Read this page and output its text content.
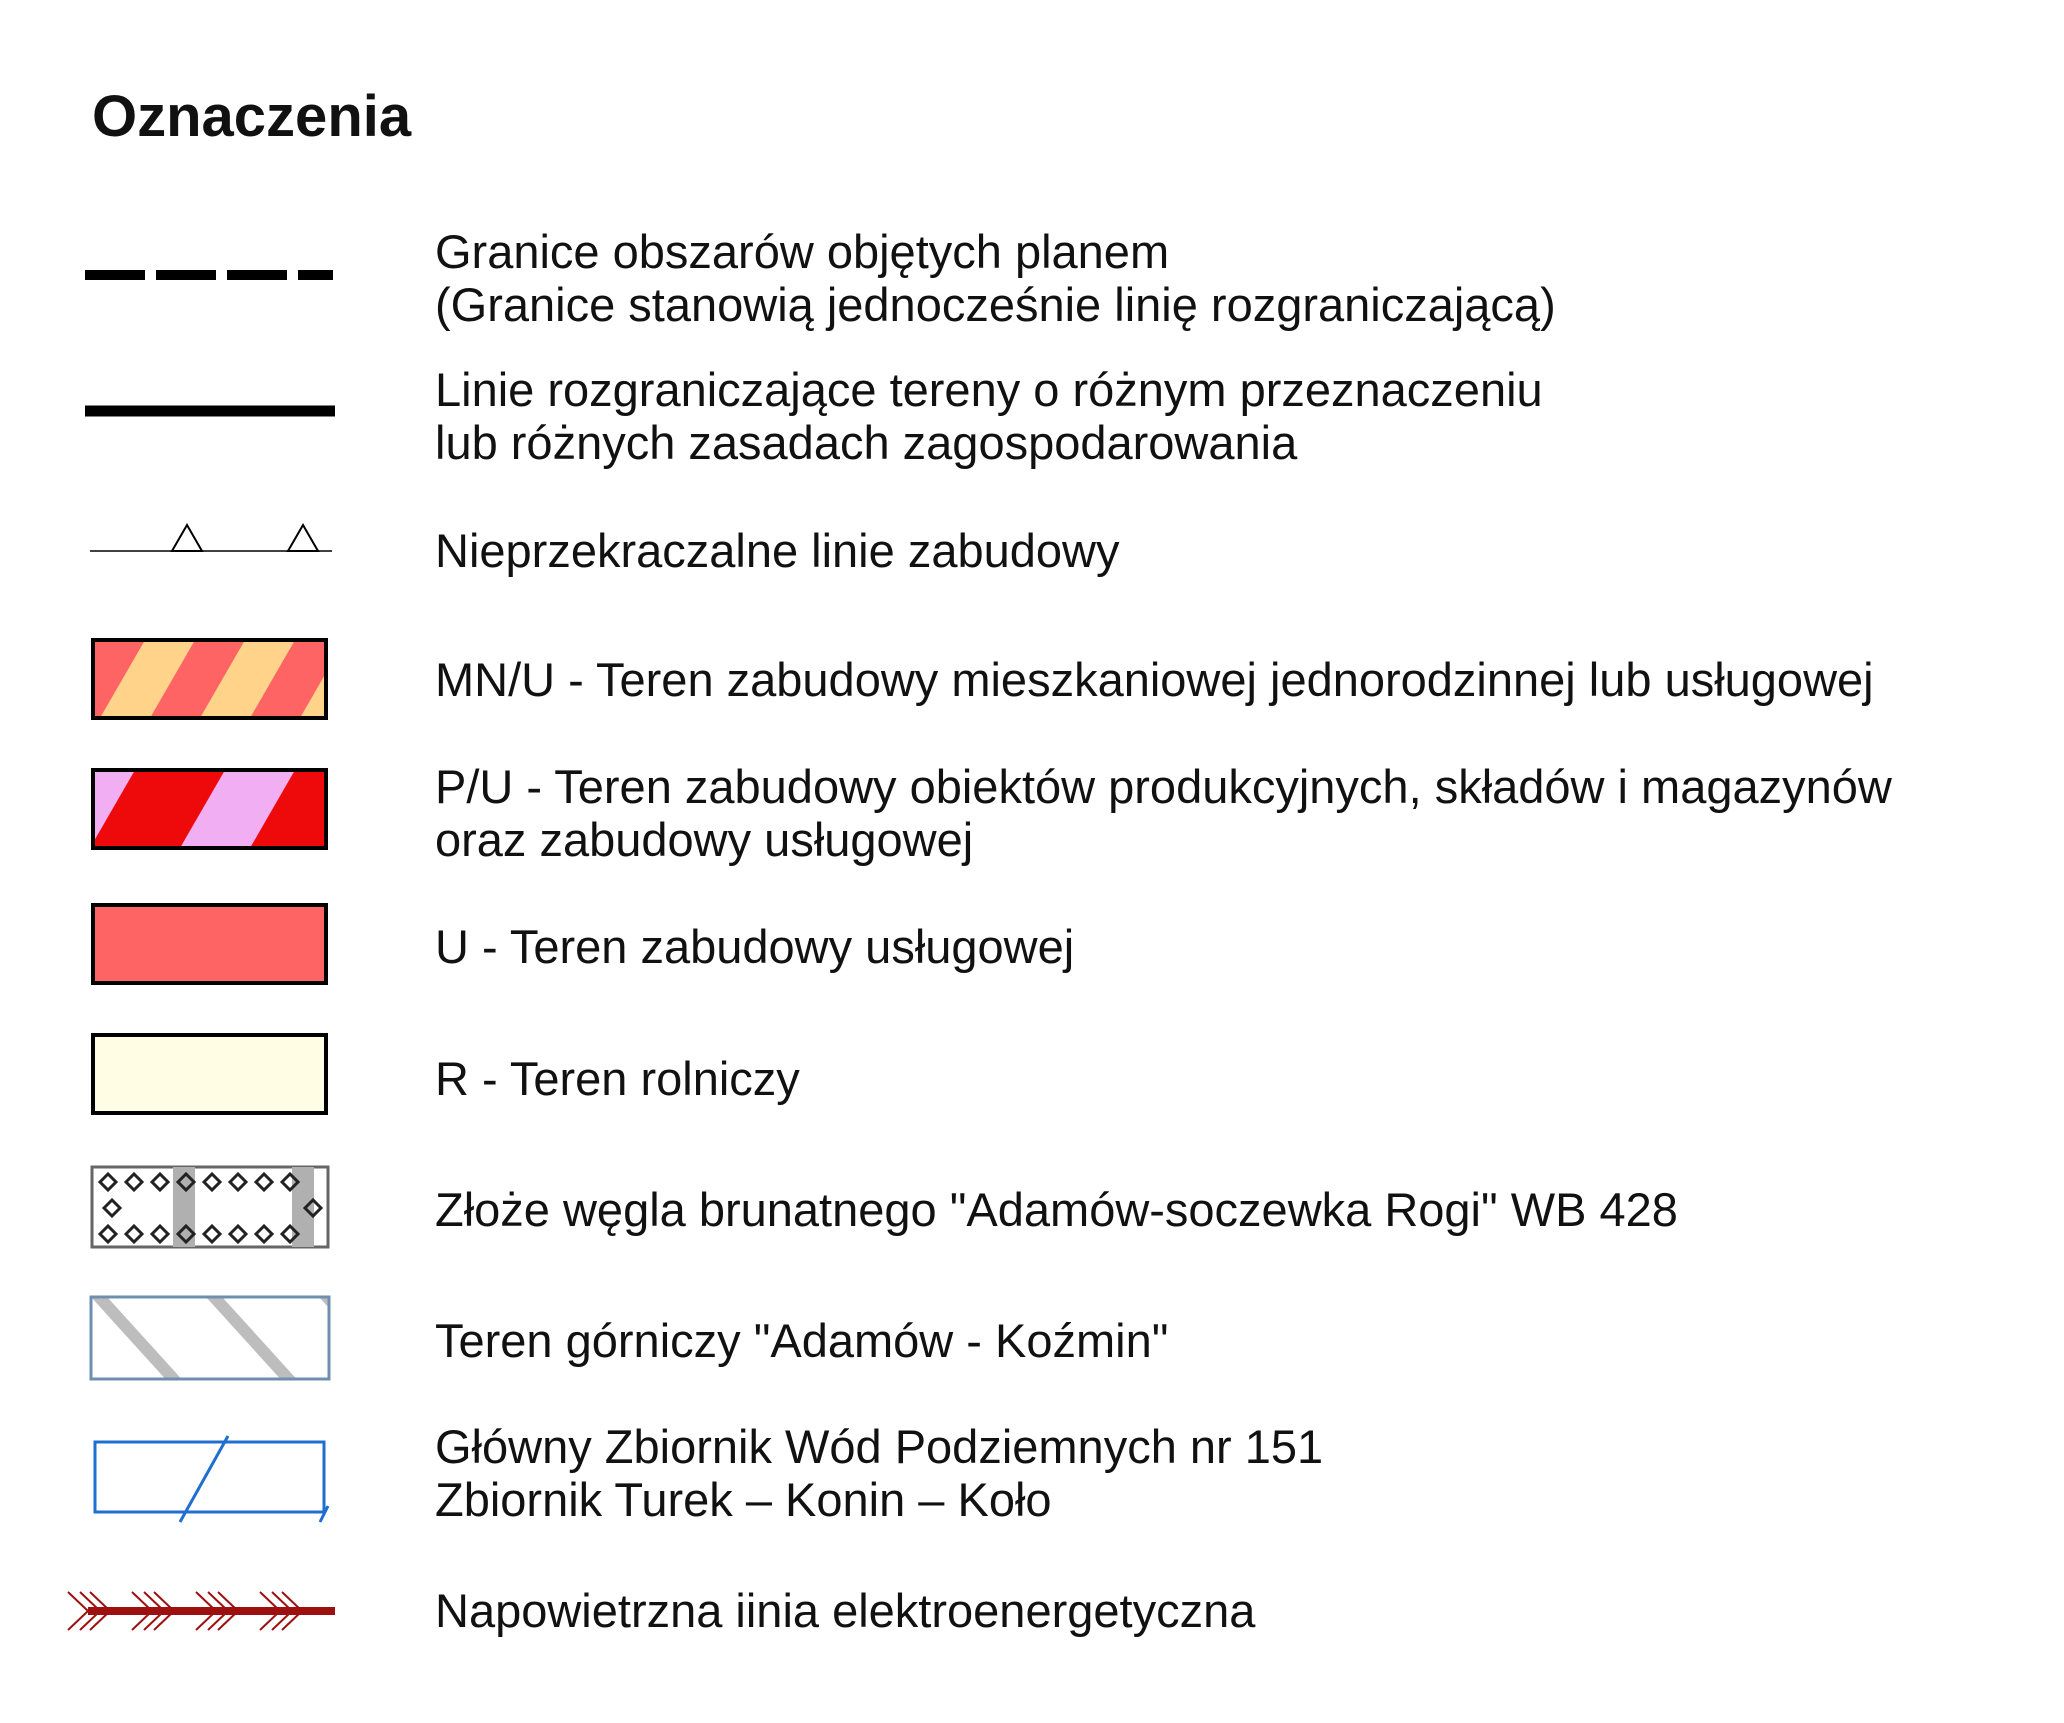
Oznaczenia
Granice obszarów objętych planem
(Granice stanowią jednocześnie linię rozgraniczającą)
Linie rozgraniczające tereny o różnym przeznaczeniu
lub różnych zasadach zagospodarowania
Nieprzekraczalne linie zabudowy
MN/U - Teren zabudowy mieszkaniowej jednorodzinnej lub usługowej
P/U - Teren zabudowy obiektów produkcyjnych, składów i magazynów
oraz zabudowy usługowej
U - Teren zabudowy usługowej
R - Teren rolniczy
Złoże węgla brunatnego "Adamów-soczewka Rogi" WB 428
Teren górniczy "Adamów - Koźmin"
Główny Zbiornik Wód Podziemnych nr 151
Zbiornik Turek – Konin – Koło
Napowietrzna iinia elektroenergetyczna
